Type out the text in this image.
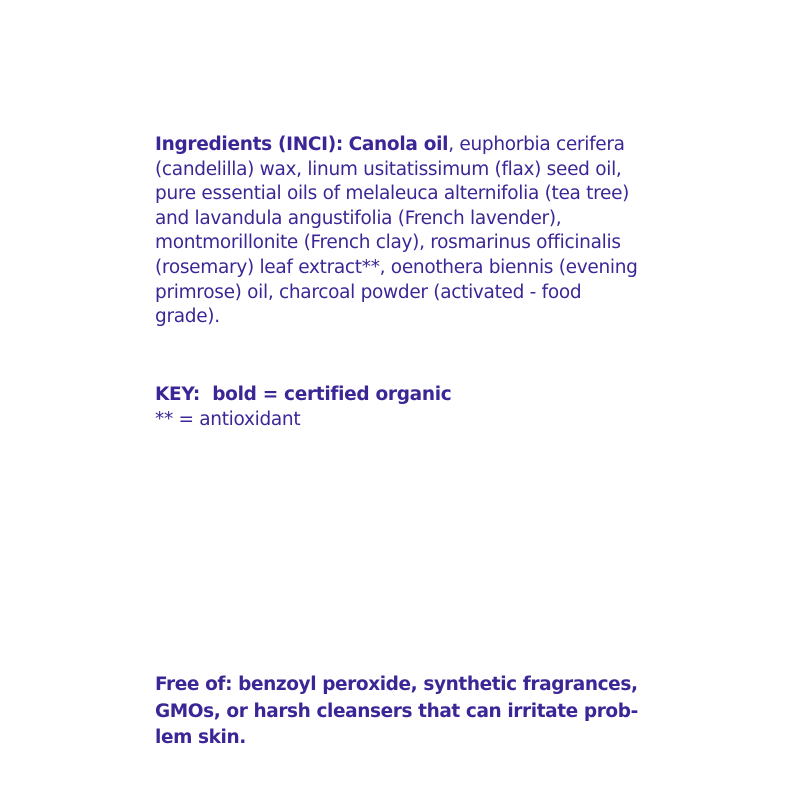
Ingredients (INCI): Canola oil, euphorbia cerifera
(candelilla) wax, linum usitatissimum (flax) seed oil,
pure essential oils of melaleuca alternifolia (tea tree)
and lavandula angustifolia (French lavender),
montmorillonite (French clay), rosmarinus officinalis
(rosemary) leaf extract**, oenothera biennis (evening
primrose) oil, charcoal powder (activated - food
grade).
KEY:  bold = certified organic
** = antioxidant
Free of: benzoyl peroxide, synthetic fragrances,
GMOs, or harsh cleansers that can irritate prob-
lem skin.
